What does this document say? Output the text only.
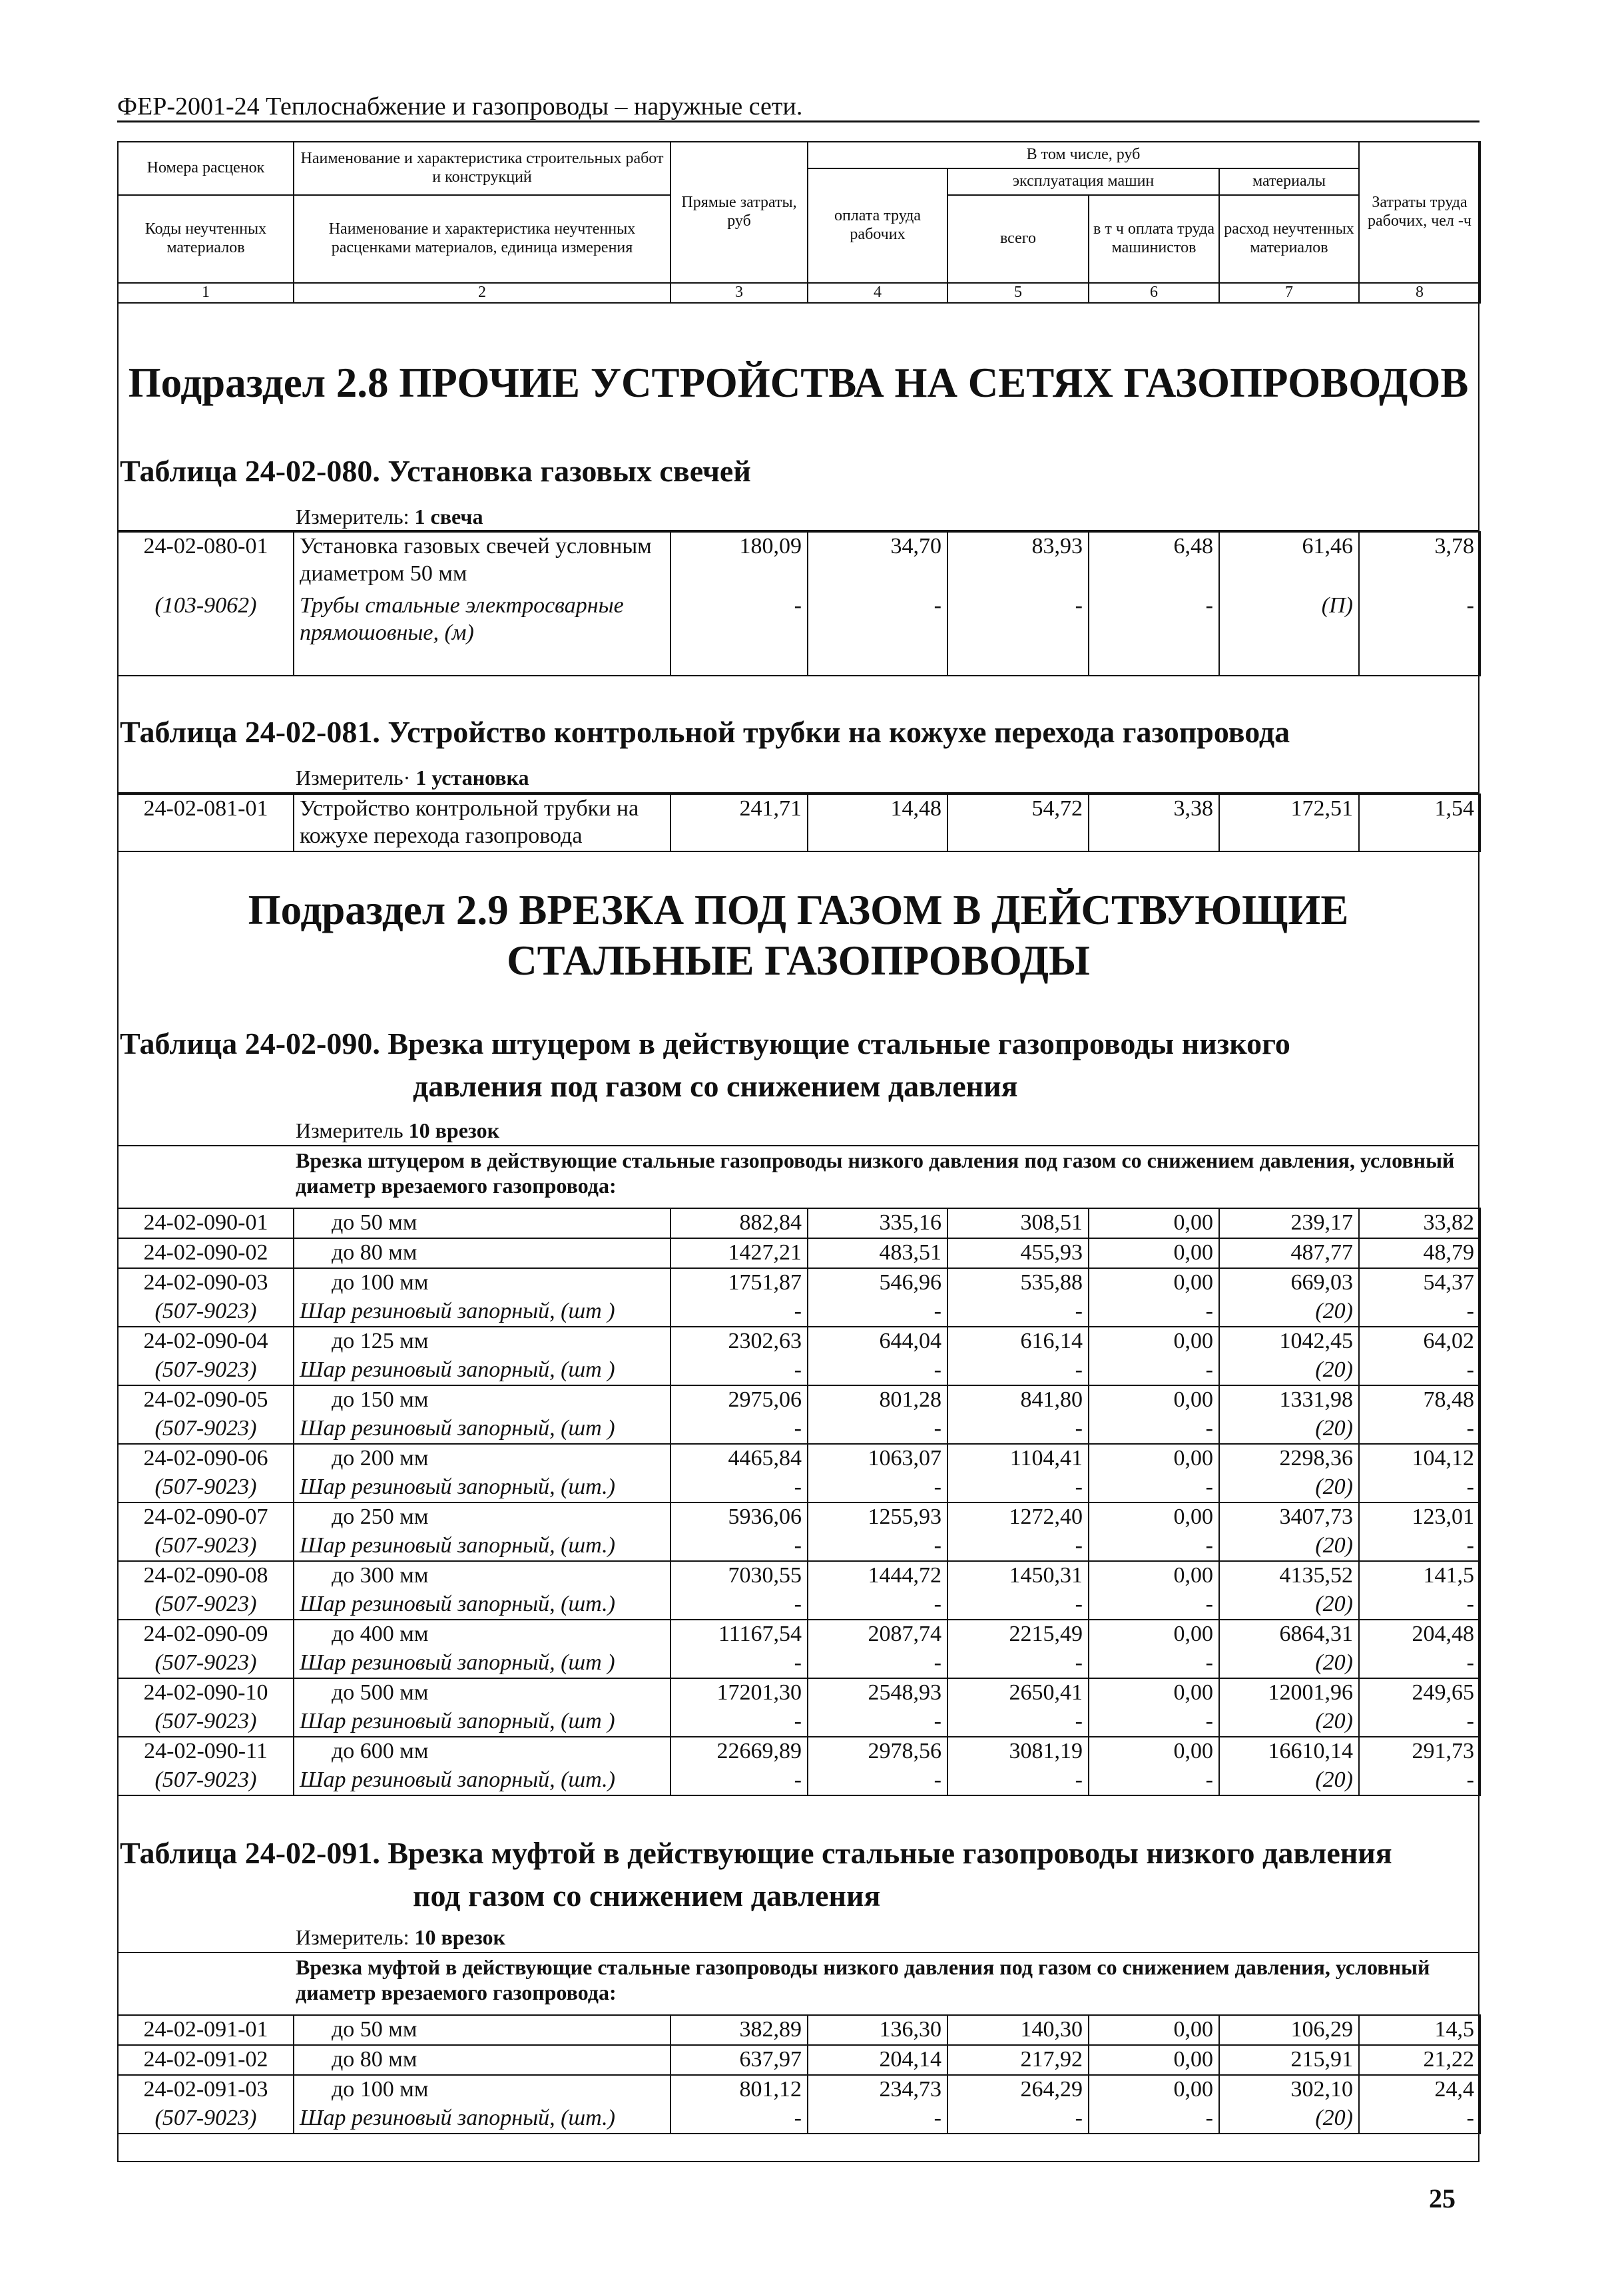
ФЕР-2001-24 Теплоснабжение и газопроводы – наружные сети.
Номера расценок	Наименование и характеристика строительных работ и конструкций	Прямые затраты, руб	В том числе, руб				Затраты труда рабочих, чел -ч
			оплата труда рабочих	эксплуатация машин		материалы	
Коды неучтенных материалов	Наименование и характеристика неучтенных расценками материалов, единица измерения			всего	в т ч оплата труда машинистов	расход неучтенных материалов	

1	2	3	4	5	6	7	8
Подраздел 2.8 ПРОЧИЕ УСТРОЙСТВА НА СЕТЯХ ГАЗОПРОВОДОВ
Таблица 24-02-080. Установка газовых свечей
Измеритель: 1 свеча
24-02-080-01	Установка газовых свечей условным диаметром 50 мм	180,09	34,70	83,93	6,48	61,46	3,78
(103-9062)	Трубы стальные электросварные прямошовные, (м)	-	-	-	-	(П)	-
Таблица 24-02-081. Устройство контрольной трубки на кожухе перехода газопровода
Измеритель· 1 установка
24-02-081-01	Устройство контрольной трубки на кожухе перехода газопровода	241,71	14,48	54,72	3,38	172,51	1,54
Подраздел 2.9 ВРЕЗКА ПОД ГАЗОМ В ДЕЙСТВУЮЩИЕ СТАЛЬНЫЕ ГАЗОПРОВОДЫ
Таблица 24-02-090. Врезка штуцером в действующие стальные газопроводы низкого
давления под газом со снижением давления
Измеритель 10 врезок
Врезка штуцером в действующие стальные газопроводы низкого давления под газом со снижением давления, условный диаметр врезаемого газопровода:
24-02-090-01	до 50 мм	882,84	335,16	308,51	0,00	239,17	33,82
24-02-090-02	до 80 мм	1427,21	483,51	455,93	0,00	487,77	48,79
24-02-090-03	до 100 мм	1751,87	546,96	535,88	0,00	669,03	54,37
(507-9023)	Шар резиновый запорный, (шт )	-	-	-	-	(20)	-
24-02-090-04	до 125 мм	2302,63	644,04	616,14	0,00	1042,45	64,02
(507-9023)	Шар резиновый запорный, (шт )	-	-	-	-	(20)	-
24-02-090-05	до 150 мм	2975,06	801,28	841,80	0,00	1331,98	78,48
(507-9023)	Шар резиновый запорный, (шт )	-	-	-	-	(20)	-
24-02-090-06	до 200 мм	4465,84	1063,07	1104,41	0,00	2298,36	104,12
(507-9023)	Шар резиновый запорный, (шт.)	-	-	-	-	(20)	-
24-02-090-07	до 250 мм	5936,06	1255,93	1272,40	0,00	3407,73	123,01
(507-9023)	Шар резиновый запорный, (шт.)	-	-	-	-	(20)	-
24-02-090-08	до 300 мм	7030,55	1444,72	1450,31	0,00	4135,52	141,5
(507-9023)	Шар резиновый запорный, (шт.)	-	-	-	-	(20)	-
24-02-090-09	до 400 мм	11167,54	2087,74	2215,49	0,00	6864,31	204,48
(507-9023)	Шар резиновый запорный, (шт )	-	-	-	-	(20)	-
24-02-090-10	до 500 мм	17201,30	2548,93	2650,41	0,00	12001,96	249,65
(507-9023)	Шар резиновый запорный, (шт )	-	-	-	-	(20)	-
24-02-090-11	до 600 мм	22669,89	2978,56	3081,19	0,00	16610,14	291,73
(507-9023)	Шар резиновый запорный, (шт.)	-	-	-	-	(20)	-
Таблица 24-02-091. Врезка муфтой в действующие стальные газопроводы низкого давления
под газом со снижением давления
Измеритель: 10 врезок
Врезка муфтой в действующие стальные газопроводы низкого давления под газом со снижением давления, условный диаметр врезаемого газопровода:
24-02-091-01	до 50 мм	382,89	136,30	140,30	0,00	106,29	14,5
24-02-091-02	до 80 мм	637,97	204,14	217,92	0,00	215,91	21,22
24-02-091-03	до 100 мм	801,12	234,73	264,29	0,00	302,10	24,4
(507-9023)	Шар резиновый запорный, (шт.)	-	-	-	-	(20)	-
25
